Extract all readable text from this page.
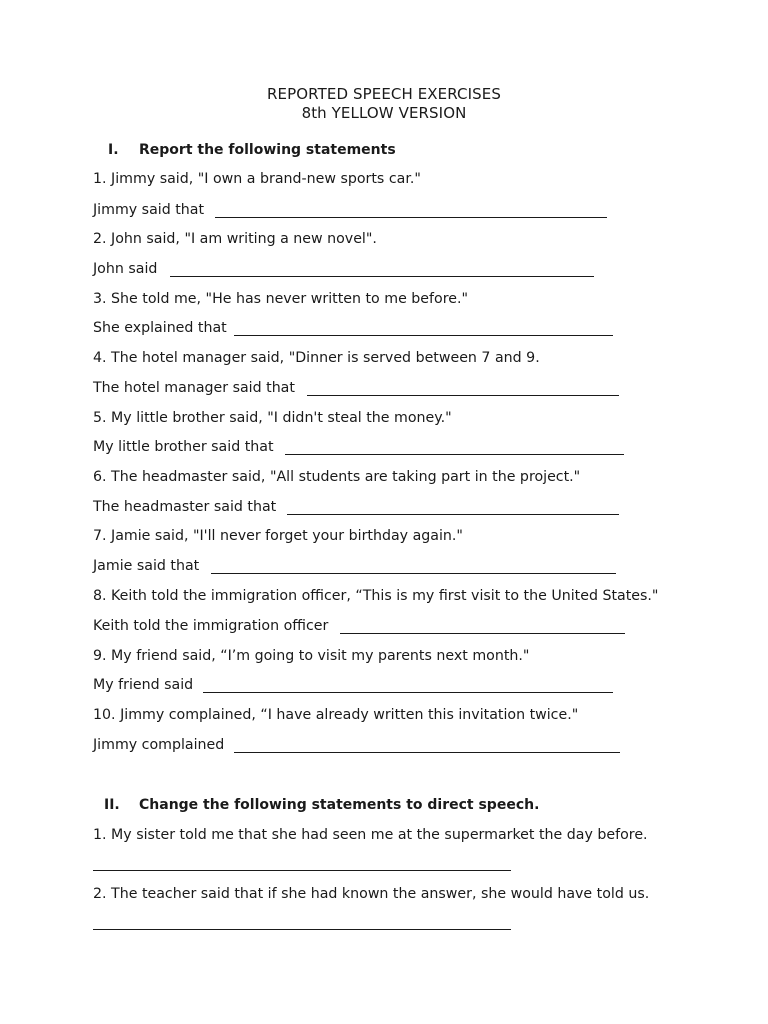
REPORTED SPEECH EXERCISES
8th YELLOW VERSION
I. Report the following statements
1. Jimmy said, "I own a brand-new sports car."
Jimmy said that
2. John said, "I am writing a new novel".
John said
3. She told me, "He has never written to me before."
She explained that
4. The hotel manager said, "Dinner is served between 7 and 9.
The hotel manager said that
5. My little brother said, "I didn't steal the money."
My little brother said that
6. The headmaster said, "All students are taking part in the project."
The headmaster said that
7. Jamie said, "I'll never forget your birthday again."
Jamie said that
8. Keith told the immigration officer, “This is my first visit to the United States."
Keith told the immigration officer
9. My friend said, “I’m going to visit my parents next month."
My friend said
10. Jimmy complained, “I have already written this invitation twice."
Jimmy complained
II. Change the following statements to direct speech.
1. My sister told me that she had seen me at the supermarket the day before.
2. The teacher said that if she had known the answer, she would have told us.
